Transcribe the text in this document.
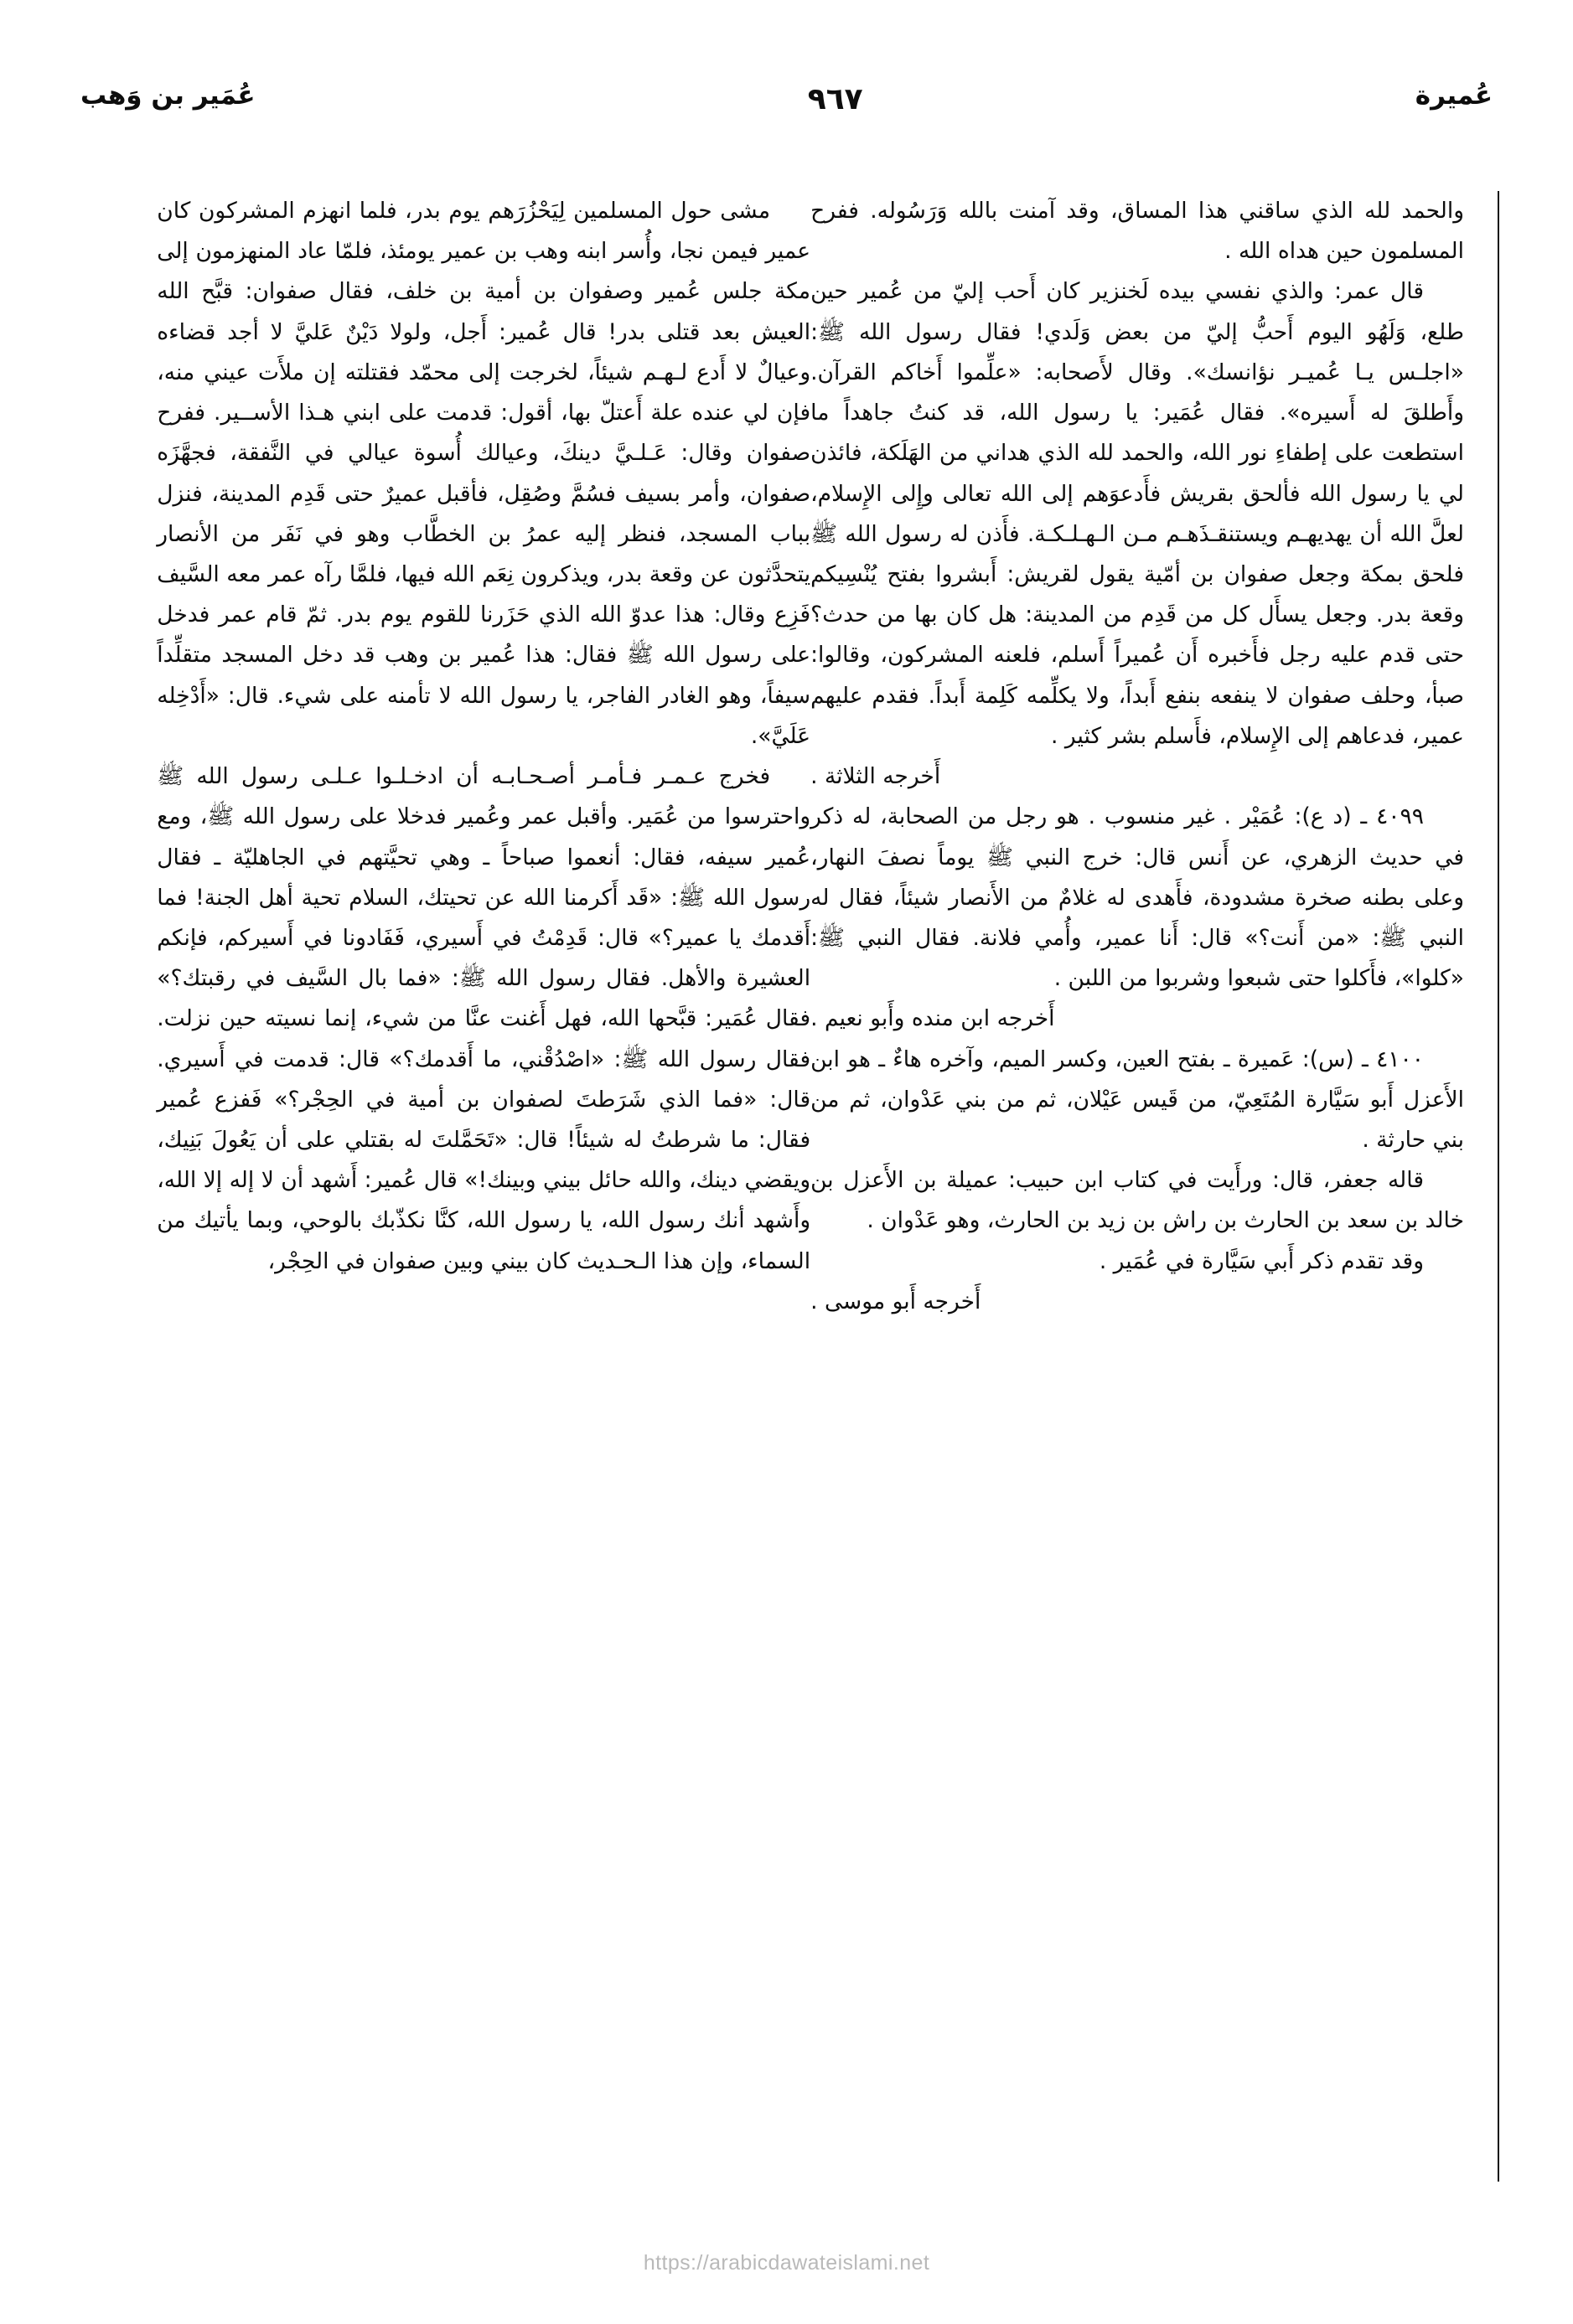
عُمَير بن وَهب	٩٦٧	عُميرة

مشى حول المسلمين لِيَحْزُرَهم يوم بدر، فلما انهزم المشركون كان عمير فيمن نجا، وأُسر ابنه وهب بن عمير يومئذ، فلمّا عاد المنهزمون إلى مكة جلس عُمير وصفوان بن أمية بن خلف، فقال صفوان: قبَّح الله العيش بعد قتلى بدر! قال عُمير: أَجل، ولولا دَيْنٌ عَليَّ لا أجد قضاءه وعيالٌ لا أَدع لـهـم شيئاً، لخرجت إلى محمّد فقتلته إن ملأَت عيني منه، فإن لي عنده علة أَعتلّ بها، أقول: قدمت على ابني هـذا الأســير. ففرح صفوان وقال: عَـلـيَّ دينكَ، وعيالك أُسوة عيالي في النَّفقة، فجهَّزَه صفوان، وأمر بسيف فسُمَّ وصُقِل، فأقبل عميرٌ حتى قَدِم المدينة، فنزل بباب المسجد، فنظر إليه عمرُ بن الخطَّاب وهو في نَفَر من الأنصار يتحدَّثون عن وقعة بدر، ويذكرون نِعَم الله فيها، فلمَّا رآه عمر معه السَّيف فَزِع وقال: هذا عدوّ الله الذي حَزَرنا للقوم يوم بدر. ثمّ قام عمر فدخل على رسول الله ﷺ فقال: هذا عُمير بن وهب قد دخل المسجد متقلِّداً سيفاً، وهو الغادر الفاجر، يا رسول الله لا تأمنه على شيء. قال: «أَدْخِله عَلَيَّ».

فخرج عـمـر فـأمـر أصـحـابـه أن ادخـلـوا عـلـى رسول الله ﷺ واحترسوا من عُمَير. وأقبل عمر وعُمير فدخلا على رسول الله ﷺ، ومع عُمير سيفه، فقال: أنعموا صباحاً ـ وهي تحيَّتهم في الجاهليّة ـ فقال رسول الله ﷺ: «قَد أَكرمنا الله عن تحيتك، السلام تحية أهل الجنة! فما أَقدمك يا عمير؟» قال: قَدِمْتُ في أَسيري، فَفَادونا في أَسيركم، فإنكم العشيرة والأهل. فقال رسول الله ﷺ: «فما بال السَّيف في رقبتك؟» فقال عُمَير: قبَّحها الله، فهل أَغنت عنَّا من شيء، إنما نسيته حين نزلت. فقال رسول الله ﷺ: «اصْدُقْني، ما أَقدمك؟» قال: قدمت في أَسيري. قال: «فما الذي شَرَطتَ لصفوان بن أمية في الحِجْر؟» فَفزع عُمير فقال: ما شرطتُ له شيئاً! قال: «تَحَمَّلتَ له بقتلي على أن يَعُولَ بَنِيك، ويقضي دينك، والله حائل بيني وبينك!» قال عُمير: أَشهد أن لا إله إلا الله، وأَشهد أنك رسول الله، يا رسول الله، كنَّا نكذّبك بالوحي، وبما يأتيك من السماء، وإن هذا الـحـديث كان بيني وبين صفوان في الحِجْر،

والحمد لله الذي ساقني هذا المساق، وقد آمنت بالله وَرَسُوله. ففرح المسلمون حين هداه الله .

قال عمر: والذي نفسي بيده لَخنزير كان أَحب إليّ من عُمير حين طلع، وَلَهُو اليوم أَحبُّ إليّ من بعض وَلَدي! فقال رسول الله ﷺ: «اجلـس يـا عُميـر نؤانسك». وقال لأَصحابه: «علِّموا أَخاكم القرآن. وأَطلقَ له أَسيره». فقال عُمَير: يا رسول الله، قد كنتُ جاهداً ما استطعت على إطفاءِ نور الله، والحمد لله الذي هداني من الهَلَكة، فائذن لي يا رسول الله فألحق بقريش فأَدعوَهم إلى الله تعالى وإِلى الإِسلام، لعلَّ الله أن يهديهـم ويستنقـذَهـم مـن الـهـلـكـة. فأَذن له رسول الله ﷺ فلحق بمكة وجعل صفوان بن أمّية يقول لقريش: أَبشروا بفتح يُنْسِيكم وقعة بدر. وجعل يسأَل كل من قَدِم من المدينة: هل كان بها من حدث؟ حتى قدم عليه رجل فأَخبره أَن عُميراً أَسلم، فلعنه المشركون، وقالوا: صبأ، وحلف صفوان لا ينفعه بنفع أَبداً، ولا يكلِّمه كَلِمة أَبداً. فقدم عليهم عمير، فدعاهم إلى الإِسلام، فأَسلم بشر كثير .

أَخرجه الثلاثة .

٤٠٩٩ ـ (د ع): عُمَيْر . غير منسوب . هو رجل من الصحابة، له ذكر في حديث الزهري، عن أَنس قال: خرج النبي ﷺ يوماً نصفَ النهار، وعلى بطنه صخرة مشدودة، فأَهدى له غلامٌ من الأَنصار شيئاً، فقال له النبي ﷺ: «من أَنت؟» قال: أَنا عمير، وأُمي فلانة. فقال النبي ﷺ: «كلوا»، فأَكلوا حتى شبعوا وشربوا من اللبن .

أَخرجه ابن منده وأَبو نعيم .

٤١٠٠ ـ (س): عَميرة ـ بفتح العين، وكسر الميم، وآخره هاءٌ ـ هو ابن الأَعزل أَبو سَيَّارة المُتَعِيّ، من قَيس عَيْلان، ثم من بني عَدْوان، ثم من بني حارثة .

قاله جعفر، قال: ورأَيت في كتاب ابن حبيب: عميلة بن الأَعزل بن خالد بن سعد بن الحارث بن راش بن زيد بن الحارث، وهو عَدْوان .

وقد تقدم ذكر أَبي سَيَّارة في عُمَير .

أَخرجه أَبو موسى .

https://arabicdawateislami.net
